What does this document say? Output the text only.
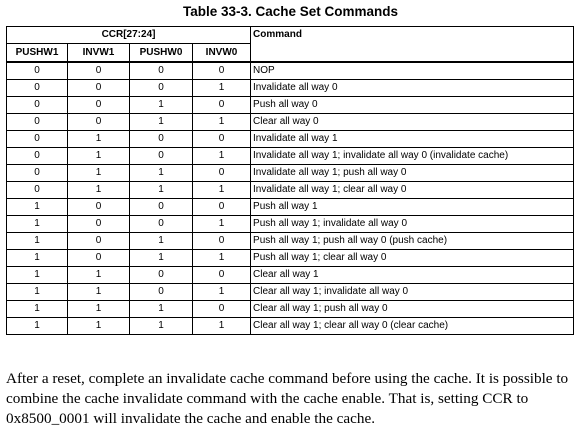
Table 33-3. Cache Set Commands
CCR[27:24]				Command
PUSHW1	INVW1	PUSHW0	INVW0	
0	0	0	0	NOP
0	0	0	1	Invalidate all way 0
0	0	1	0	Push all way 0
0	0	1	1	Clear all way 0
0	1	0	0	Invalidate all way 1
0	1	0	1	Invalidate all way 1; invalidate all way 0 (invalidate cache)
0	1	1	0	Invalidate all way 1; push all way 0
0	1	1	1	Invalidate all way 1; clear all way 0
1	0	0	0	Push all way 1
1	0	0	1	Push all way 1; invalidate all way 0
1	0	1	0	Push all way 1; push all way 0 (push cache)
1	0	1	1	Push all way 1; clear all way 0
1	1	0	0	Clear all way 1
1	1	0	1	Clear all way 1; invalidate all way 0
1	1	1	0	Clear all way 1; push all way 0
1	1	1	1	Clear all way 1; clear all way 0 (clear cache)
After a reset, complete an invalidate cache command before using the cache. It is possible to combine the cache invalidate command with the cache enable. That is, setting CCR to 0x8500_0001 will invalidate the cache and enable the cache.
